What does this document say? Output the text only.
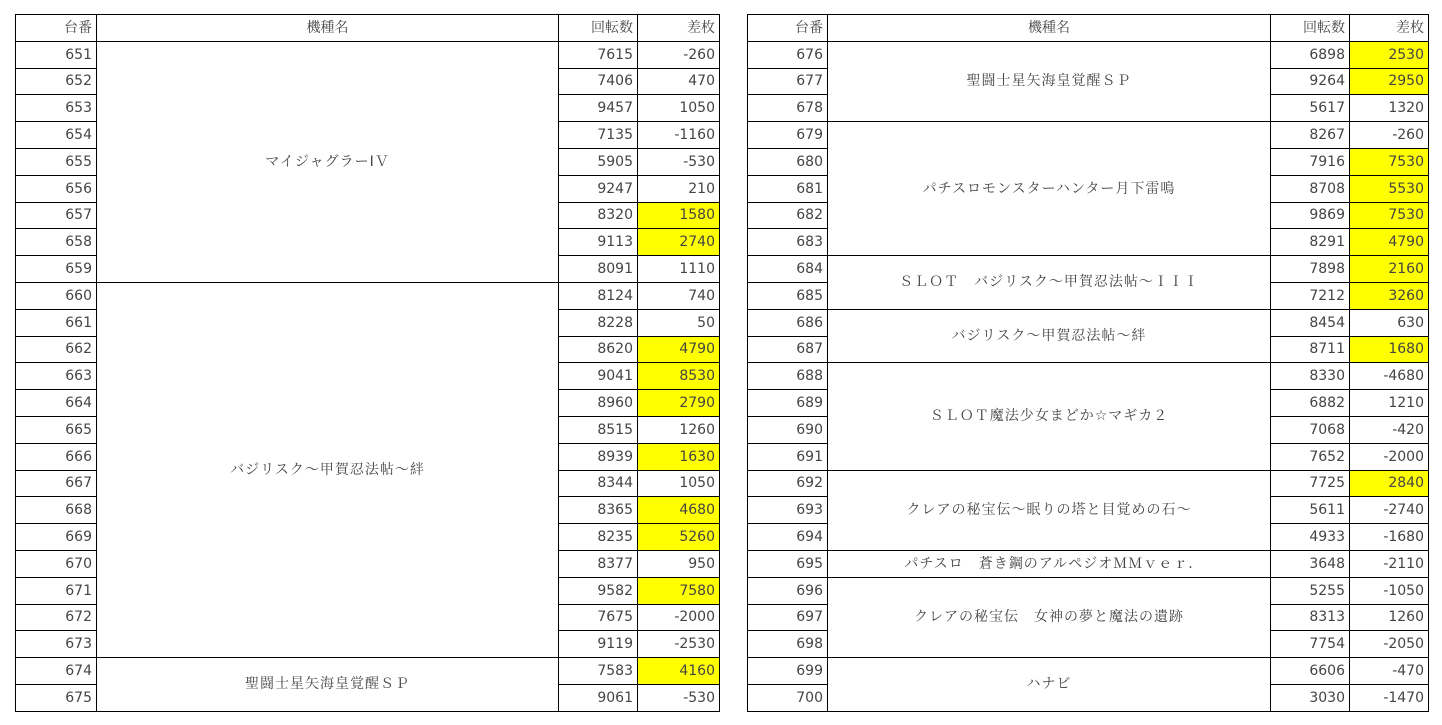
台番	機種名	回転数	差枚
651	マイジャグラーⅠＶ	7615	-260
652		7406	470
653		9457	1050
654		7135	-1160
655		5905	-530
656		9247	210
657		8320	1580
658		9113	2740
659		8091	1110
660	バジリスク～甲賀忍法帖～絆	8124	740
661		8228	50
662		8620	4790
663		9041	8530
664		8960	2790
665		8515	1260
666		8939	1630
667		8344	1050
668		8365	4680
669		8235	5260
670		8377	950
671		9582	7580
672		7675	-2000
673		9119	-2530
674	聖闘士星矢海皇覚醒ＳＰ	7583	4160
675		9061	-530
台番	機種名	回転数	差枚
676	聖闘士星矢海皇覚醒ＳＰ	6898	2530
677		9264	2950
678		5617	1320
679	パチスロモンスターハンター月下雷鳴	8267	-260
680		7916	7530
681		8708	5530
682		9869	7530
683		8291	4790
684	ＳＬＯＴ　バジリスク～甲賀忍法帖～ＩＩＩ	7898	2160
685		7212	3260
686	バジリスク～甲賀忍法帖～絆	8454	630
687		8711	1680
688	ＳＬＯＴ魔法少女まどか☆マギカ２	8330	-4680
689		6882	1210
690		7068	-420
691		7652	-2000
692	クレアの秘宝伝～眠りの塔と目覚めの石～	7725	2840
693		5611	-2740
694		4933	-1680
695	パチスロ　蒼き鋼のアルペジオＭＭｖｅｒ.	3648	-2110
696	クレアの秘宝伝　女神の夢と魔法の遺跡	5255	-1050
697		8313	1260
698		7754	-2050
699	ハナビ	6606	-470
700		3030	-1470
